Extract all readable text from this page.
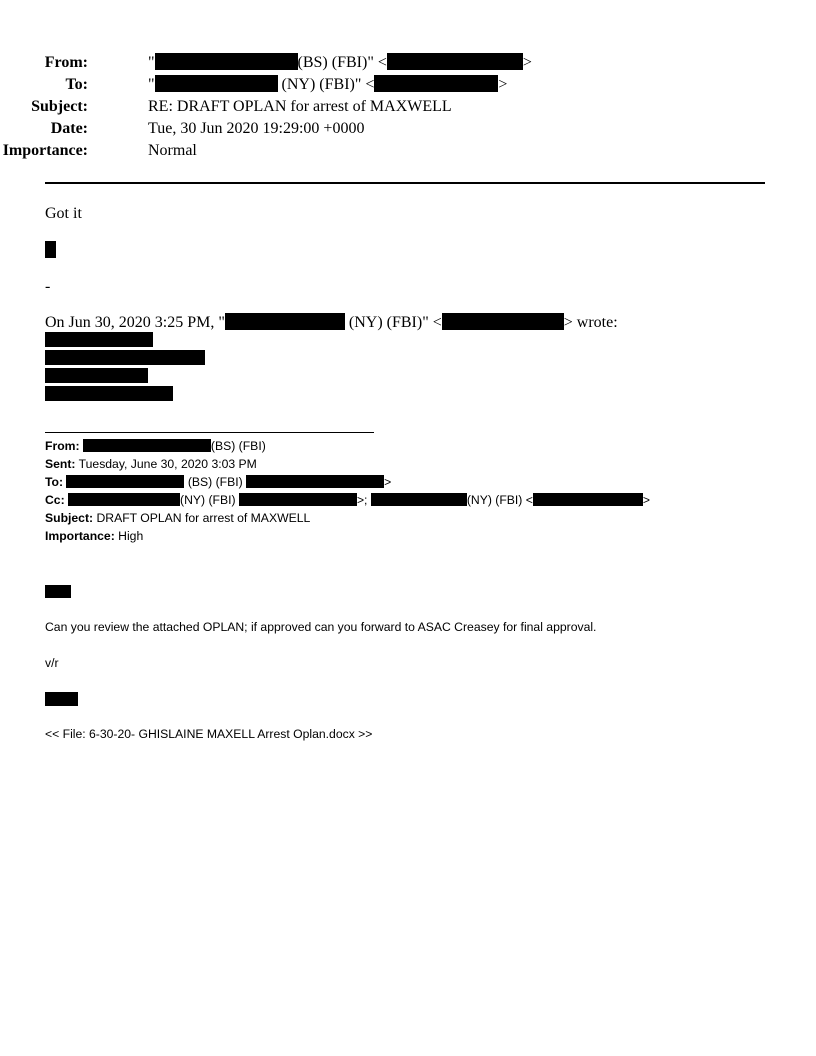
From:	"	(BS) (FBI)" <	>
To:	"	(NY) (FBI)" <	>
Subject:	RE: DRAFT OPLAN for arrest of MAXWELL
Date:	Tue, 30 Jun 2020 19:29:00 +0000
Importance:	Normal
Got it
-
On Jun 30, 2020 3:25 PM, "	(NY) (FBI)" <	> wrote:
From:	(BS) (FBI)
Sent: Tuesday, June 30, 2020 3:03 PM
To:	(BS) (FBI)	>
Cc:	(NY) (FBI)	>;	(NY) (FBI) <	>
Subject: DRAFT OPLAN for arrest of MAXWELL
Importance: High
Can you review the attached OPLAN; if approved can you forward to ASAC Creasey for final approval.
v/r
<< File: 6-30-20- GHISLAINE MAXELL Arrest Oplan.docx >>
